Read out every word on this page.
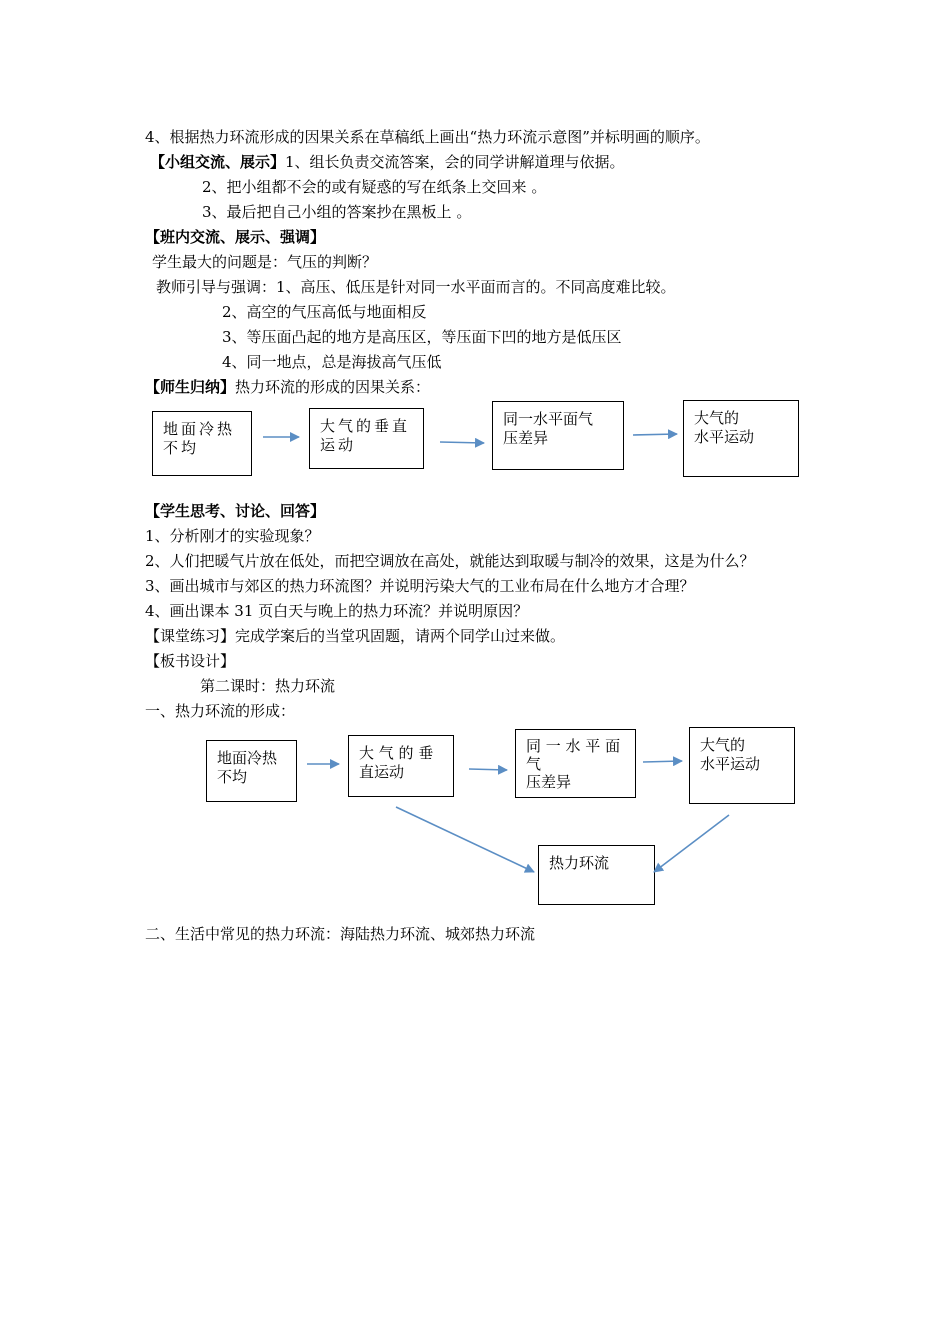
4、根据热力环流形成的因果关系在草稿纸上画出“热力环流示意图”并标明画的顺序。
【小组交流、展示】1、组长负责交流答案，会的同学讲解道理与依据。
2、把小组都不会的或有疑惑的写在纸条上交回来 。
3、最后把自己小组的答案抄在黑板上 。
【班内交流、展示、强调】
学生最大的问题是：气压的判断？
教师引导与强调：1、高压、低压是针对同一水平面而言的。不同高度难比较。
2、高空的气压高低与地面相反
3、等压面凸起的地方是高压区，等压面下凹的地方是低压区
4、同一地点，总是海拔高气压低
【师生归纳】热力环流的形成的因果关系：
地面冷热
不均
大气的垂直
运动
同一水平面气
压差异
大气的
水平运动
【学生思考、讨论、回答】
1、分析刚才的实验现象？
2、人们把暖气片放在低处，而把空调放在高处，就能达到取暖与制冷的效果，这是为什么？
3、画出城市与郊区的热力环流图？并说明污染大气的工业布局在什么地方才合理？
4、画出课本 31 页白天与晚上的热力环流？并说明原因？
【课堂练习】完成学案后的当堂巩固题，请两个同学山过来做。
【板书设计】
第二课时：热力环流
一、热力环流的形成：
地面冷热
不均
大 气 的 垂
直运动
同 一 水 平 面
气
压差异
大气的
水平运动
热力环流
二、生活中常见的热力环流：海陆热力环流、城郊热力环流
